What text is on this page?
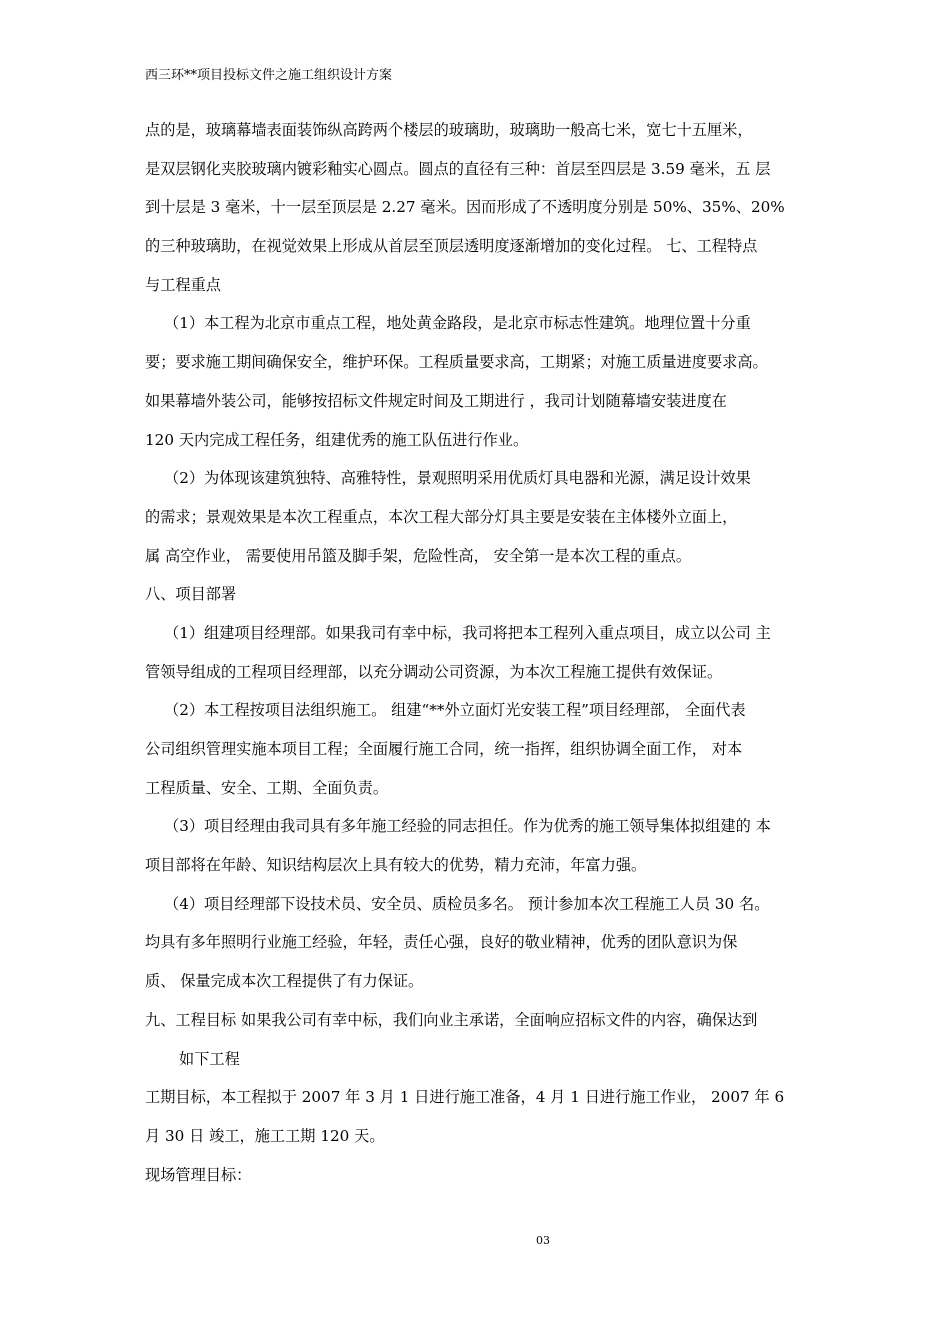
西三环**项目投标文件之施工组织设计方案
点的是，玻璃幕墙表面装饰纵高跨两个楼层的玻璃助，玻璃助一般高七米，宽七十五厘米，
是双层钢化夹胶玻璃内镀彩釉实心圆点。圆点的直径有三种：首层至四层是 3.59 毫米，五 层
到十层是 3 毫米，十一层至顶层是 2.27 毫米。因而形成了不透明度分别是 50%、35%、20%
的三种玻璃助，在视觉效果上形成从首层至顶层透明度逐渐增加的变化过程。 七、工程特点
与工程重点
（1）本工程为北京市重点工程，地处黄金路段，是北京市标志性建筑。地理位置十分重
要；要求施工期间确保安全，维护环保。工程质量要求高，工期紧；对施工质量进度要求高。
如果幕墙外装公司，能够按招标文件规定时间及工期进行 ，我司计划随幕墙安装进度在
120 天内完成工程任务，组建优秀的施工队伍进行作业。
（2）为体现该建筑独特、高雅特性，景观照明采用优质灯具电器和光源，满足设计效果
的需求；景观效果是本次工程重点，本次工程大部分灯具主要是安装在主体楼外立面上，
属 高空作业， 需要使用吊篮及脚手架，危险性高， 安全第一是本次工程的重点。
八、项目部署
（1）组建项目经理部。如果我司有幸中标，我司将把本工程列入重点项目，成立以公司 主
管领导组成的工程项目经理部，以充分调动公司资源，为本次工程施工提供有效保证。
（2）本工程按项目法组织施工。 组建“**外立面灯光安装工程”项目经理部， 全面代表
公司组织管理实施本项目工程；全面履行施工合同，统一指挥，组织协调全面工作， 对本
工程质量、安全、工期、全面负责。
（3）项目经理由我司具有多年施工经验的同志担任。作为优秀的施工领导集体拟组建的 本
项目部将在年龄、知识结构层次上具有较大的优势，精力充沛，年富力强。
（4）项目经理部下设技术员、安全员、质检员多名。 预计参加本次工程施工人员 30 名。
均具有多年照明行业施工经验，年轻，责任心强，良好的敬业精神，优秀的团队意识为保
质、 保量完成本次工程提供了有力保证。
九、工程目标 如果我公司有幸中标，我们向业主承诺，全面响应招标文件的内容，确保达到
如下工程
工期目标，本工程拟于 2007 年 3 月 1 日进行施工准备，4 月 1 日进行施工作业， 2007 年 6
月 30 日 竣工，施工工期 120 天。
现场管理目标：
03
